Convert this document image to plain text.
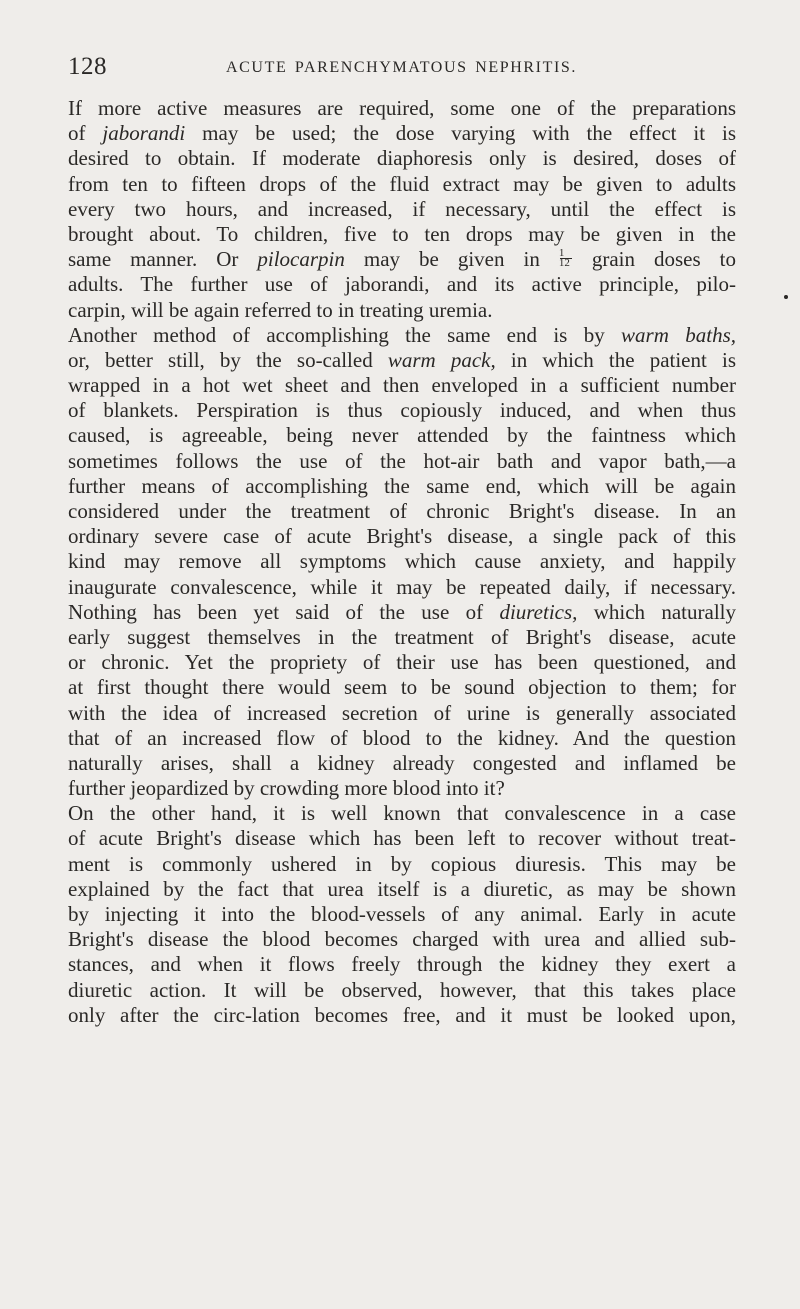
128	ACUTE PARENCHYMATOUS NEPHRITIS.
If more active measures are required, some one of the preparations
of jaborandi may be used; the dose varying with the effect it is
desired to obtain. If moderate diaphoresis only is desired, doses of
from ten to fifteen drops of the fluid extract may be given to adults
every two hours, and increased, if necessary, until the effect is
brought about. To children, five to ten drops may be given in the
same manner. Or pilocarpin may be given in $\frac{1}{12}$ grain doses to
adults. The further use of jaborandi, and its active principle, pilo-
carpin, will be again referred to in treating uremia.
Another method of accomplishing the same end is by warm baths,
or, better still, by the so-called warm pack, in which the patient is
wrapped in a hot wet sheet and then enveloped in a sufficient number
of blankets. Perspiration is thus copiously induced, and when thus
caused, is agreeable, being never attended by the faintness which
sometimes follows the use of the hot-air bath and vapor bath,—a
further means of accomplishing the same end, which will be again
considered under the treatment of chronic Bright's disease. In an
ordinary severe case of acute Bright's disease, a single pack of this
kind may remove all symptoms which cause anxiety, and happily
inaugurate convalescence, while it may be repeated daily, if necessary.
Nothing has been yet said of the use of diuretics, which naturally
early suggest themselves in the treatment of Bright's disease, acute
or chronic. Yet the propriety of their use has been questioned, and
at first thought there would seem to be sound objection to them; for
with the idea of increased secretion of urine is generally associated
that of an increased flow of blood to the kidney. And the question
naturally arises, shall a kidney already congested and inflamed be
further jeopardized by crowding more blood into it?
On the other hand, it is well known that convalescence in a case
of acute Bright's disease which has been left to recover without treat-
ment is commonly ushered in by copious diuresis. This may be
explained by the fact that urea itself is a diuretic, as may be shown
by injecting it into the blood-vessels of any animal. Early in acute
Bright's disease the blood becomes charged with urea and allied sub-
stances, and when it flows freely through the kidney they exert a
diuretic action. It will be observed, however, that this takes place
only after the circ-lation becomes free, and it must be looked upon,
